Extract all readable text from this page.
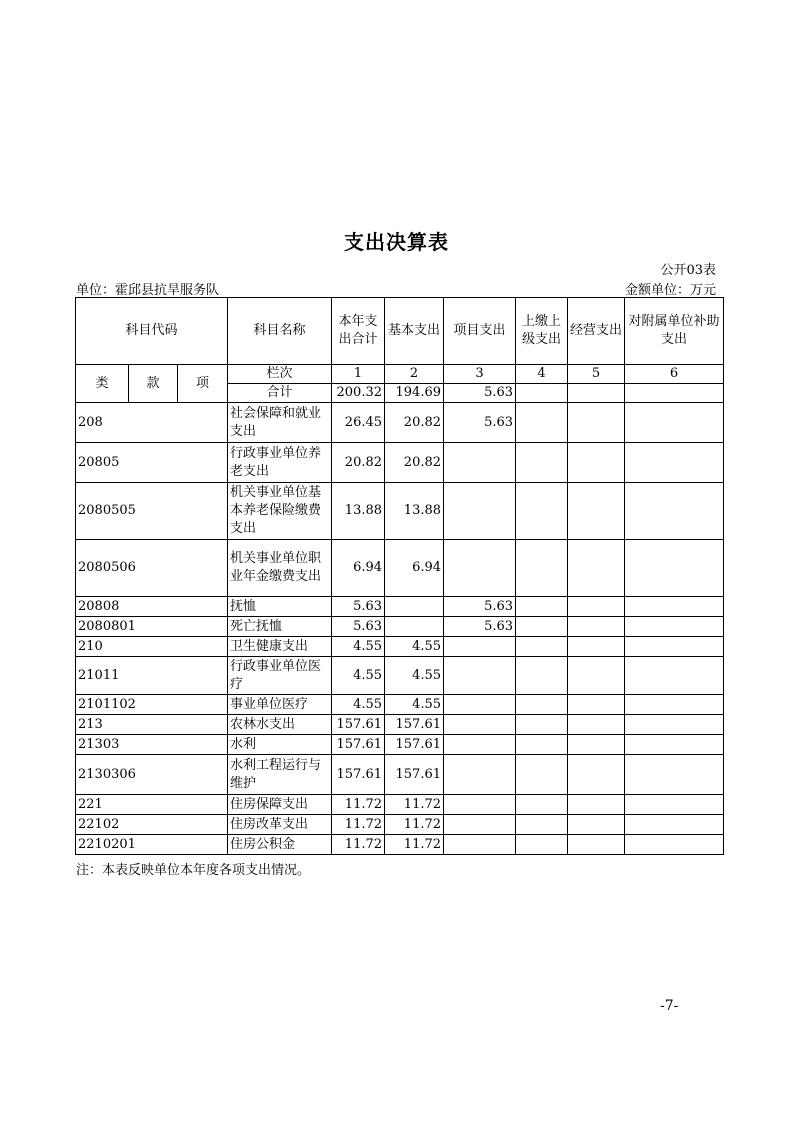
支出决算表
公开03表
单位：霍邱县抗旱服务队	金额单位：万元
科目代码			科目名称	本年支出合计	基本支出	项目支出	上缴上级支出	经营支出	对附属单位补助支出
类	款	项	栏次	1	2	3	4	5	6
			合计	200.32	194.69	5.63			
208			社会保障和就业支出	26.45	20.82	5.63			
20805			行政事业单位养老支出	20.82	20.82				
2080505			机关事业单位基本养老保险缴费支出	13.88	13.88				
2080506			机关事业单位职业年金缴费支出	6.94	6.94				
20808			抚恤	5.63		5.63			
2080801			死亡抚恤	5.63		5.63			
210			卫生健康支出	4.55	4.55				
21011			行政事业单位医疗	4.55	4.55				
2101102			事业单位医疗	4.55	4.55				
213			农林水支出	157.61	157.61				
21303			水利	157.61	157.61				
2130306			水利工程运行与维护	157.61	157.61				
221			住房保障支出	11.72	11.72				
22102			住房改革支出	11.72	11.72				
2210201			住房公积金	11.72	11.72				
注：本表反映单位本年度各项支出情况。
-7-
